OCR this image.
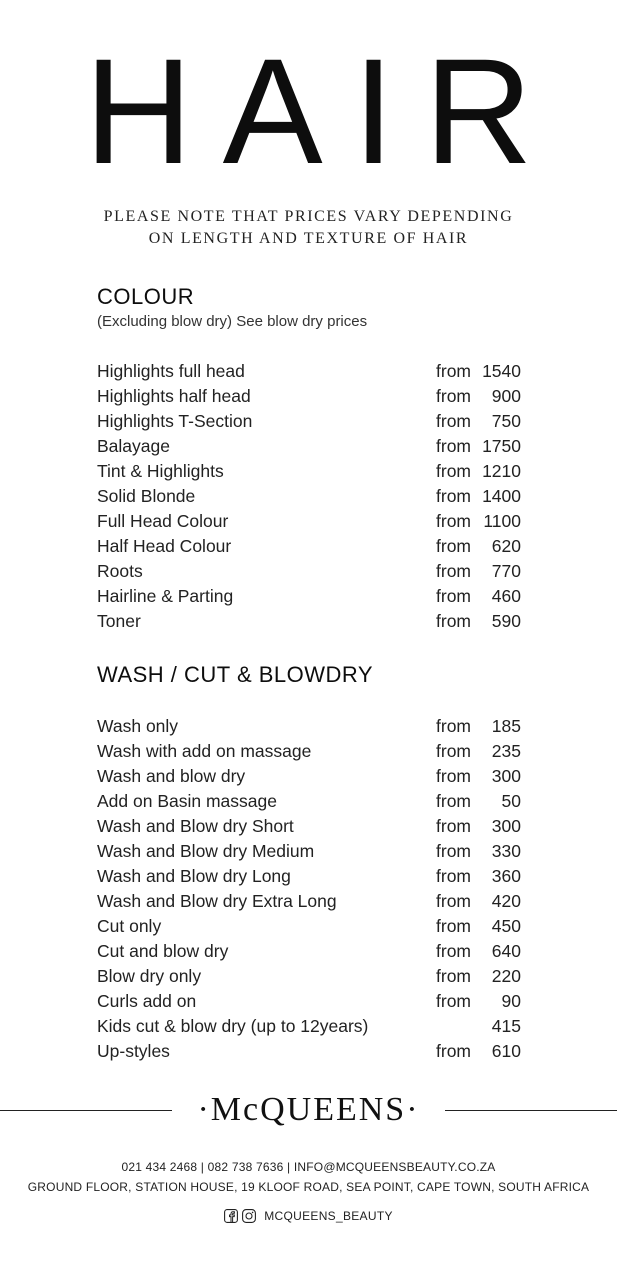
HAIR
PLEASE NOTE THAT PRICES VARY DEPENDING
ON LENGTH AND TEXTURE OF HAIR
COLOUR
(Excluding blow dry) See blow dry prices
Highlights full head	from 1540
Highlights half head	from 900
Highlights T-Section	from 750
Balayage	from 1750
Tint & Highlights	from 1210
Solid Blonde	from 1400
Full Head Colour	from 1100
Half Head Colour	from 620
Roots	from 770
Hairline & Parting	from 460
Toner	from 590
WASH / CUT & BLOWDRY
Wash only	from 185
Wash with add on massage	from 235
Wash and blow dry	from 300
Add on Basin massage	from 50
Wash and Blow dry Short	from 300
Wash and Blow dry Medium	from 330
Wash and Blow dry Long	from 360
Wash and Blow dry Extra Long	from 420
Cut only	from 450
Cut and blow dry	from 640
Blow dry only	from 220
Curls add on	from 90
Kids cut & blow dry (up to 12years)	415
Up-styles	from 610
·McQUEENS·
021 434 2468 | 082 738 7636 | INFO@MCQUEENSBEAUTY.CO.ZA
GROUND FLOOR, STATION HOUSE, 19 KLOOF ROAD, SEA POINT, CAPE TOWN, SOUTH AFRICA
MCQUEENS_BEAUTY
